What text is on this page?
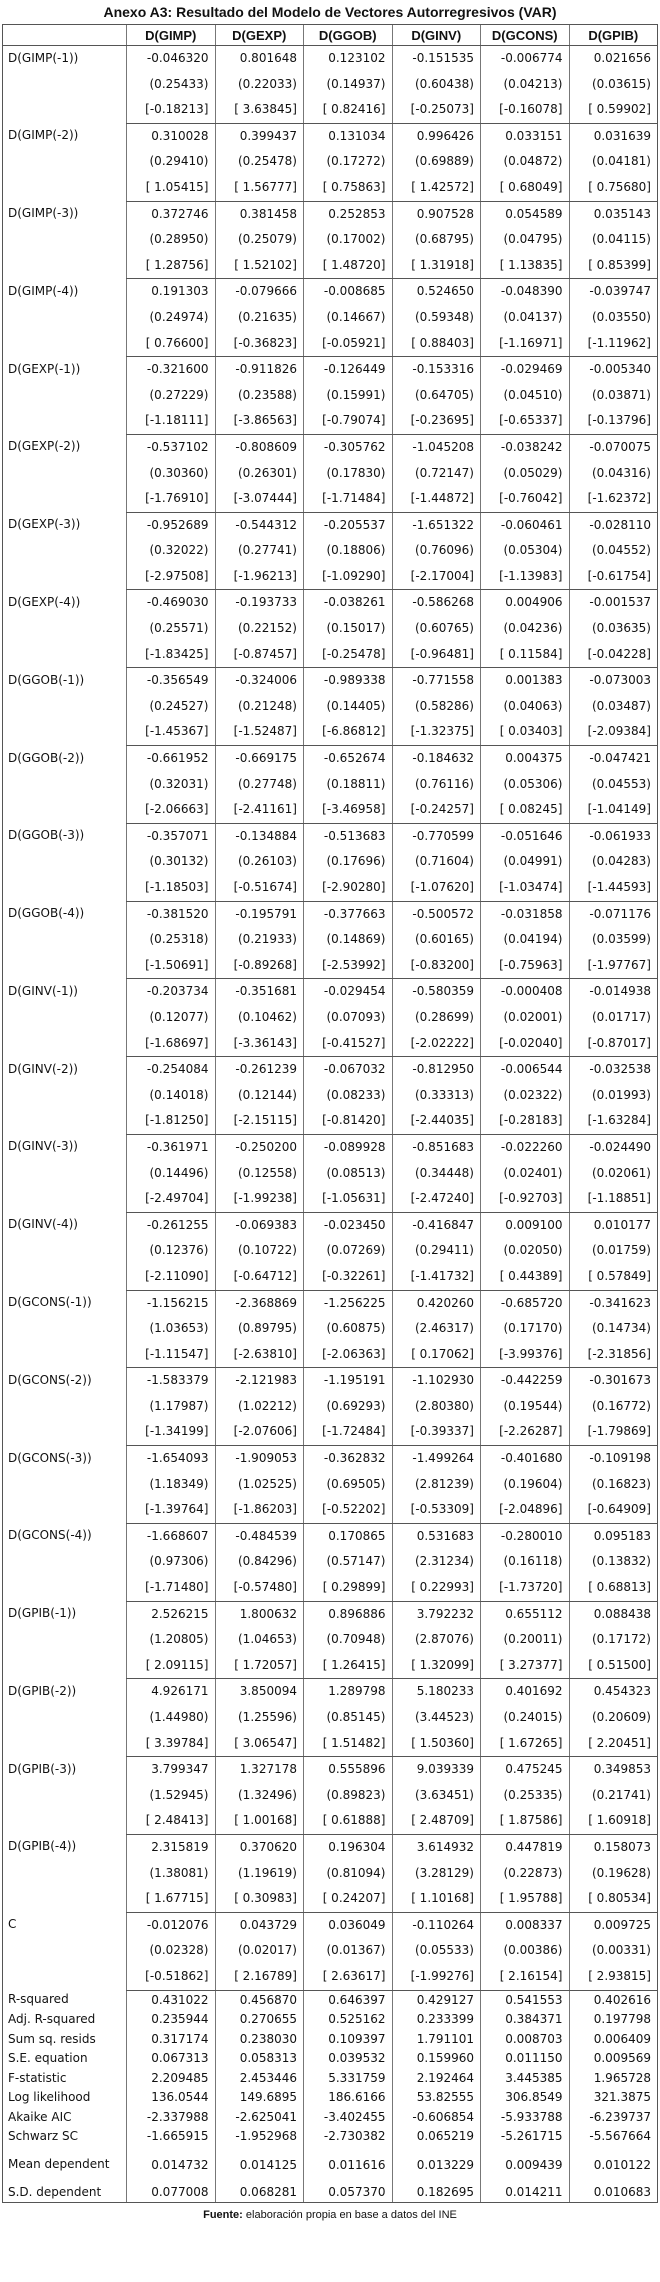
Anexo A3: Resultado del Modelo de Vectores Autorregresivos (VAR)
	D(GIMP)	D(GEXP)	D(GGOB)	D(GINV)	D(GCONS)	D(GPIB)
D(GIMP(-1))	-0.046320	0.801648	0.123102	-0.151535	-0.006774	0.021656
	(0.25433)	(0.22033)	(0.14937)	(0.60438)	(0.04213)	(0.03615)
	[-0.18213]	[ 3.63845]	[ 0.82416]	[-0.25073]	[-0.16078]	[ 0.59902]
D(GIMP(-2))	0.310028	0.399437	0.131034	0.996426	0.033151	0.031639
	(0.29410)	(0.25478)	(0.17272)	(0.69889)	(0.04872)	(0.04181)
	[ 1.05415]	[ 1.56777]	[ 0.75863]	[ 1.42572]	[ 0.68049]	[ 0.75680]
D(GIMP(-3))	0.372746	0.381458	0.252853	0.907528	0.054589	0.035143
	(0.28950)	(0.25079)	(0.17002)	(0.68795)	(0.04795)	(0.04115)
	[ 1.28756]	[ 1.52102]	[ 1.48720]	[ 1.31918]	[ 1.13835]	[ 0.85399]
D(GIMP(-4))	0.191303	-0.079666	-0.008685	0.524650	-0.048390	-0.039747
	(0.24974)	(0.21635)	(0.14667)	(0.59348)	(0.04137)	(0.03550)
	[ 0.76600]	[-0.36823]	[-0.05921]	[ 0.88403]	[-1.16971]	[-1.11962]
D(GEXP(-1))	-0.321600	-0.911826	-0.126449	-0.153316	-0.029469	-0.005340
	(0.27229)	(0.23588)	(0.15991)	(0.64705)	(0.04510)	(0.03871)
	[-1.18111]	[-3.86563]	[-0.79074]	[-0.23695]	[-0.65337]	[-0.13796]
D(GEXP(-2))	-0.537102	-0.808609	-0.305762	-1.045208	-0.038242	-0.070075
	(0.30360)	(0.26301)	(0.17830)	(0.72147)	(0.05029)	(0.04316)
	[-1.76910]	[-3.07444]	[-1.71484]	[-1.44872]	[-0.76042]	[-1.62372]
D(GEXP(-3))	-0.952689	-0.544312	-0.205537	-1.651322	-0.060461	-0.028110
	(0.32022)	(0.27741)	(0.18806)	(0.76096)	(0.05304)	(0.04552)
	[-2.97508]	[-1.96213]	[-1.09290]	[-2.17004]	[-1.13983]	[-0.61754]
D(GEXP(-4))	-0.469030	-0.193733	-0.038261	-0.586268	0.004906	-0.001537
	(0.25571)	(0.22152)	(0.15017)	(0.60765)	(0.04236)	(0.03635)
	[-1.83425]	[-0.87457]	[-0.25478]	[-0.96481]	[ 0.11584]	[-0.04228]
D(GGOB(-1))	-0.356549	-0.324006	-0.989338	-0.771558	0.001383	-0.073003
	(0.24527)	(0.21248)	(0.14405)	(0.58286)	(0.04063)	(0.03487)
	[-1.45367]	[-1.52487]	[-6.86812]	[-1.32375]	[ 0.03403]	[-2.09384]
D(GGOB(-2))	-0.661952	-0.669175	-0.652674	-0.184632	0.004375	-0.047421
	(0.32031)	(0.27748)	(0.18811)	(0.76116)	(0.05306)	(0.04553)
	[-2.06663]	[-2.41161]	[-3.46958]	[-0.24257]	[ 0.08245]	[-1.04149]
D(GGOB(-3))	-0.357071	-0.134884	-0.513683	-0.770599	-0.051646	-0.061933
	(0.30132)	(0.26103)	(0.17696)	(0.71604)	(0.04991)	(0.04283)
	[-1.18503]	[-0.51674]	[-2.90280]	[-1.07620]	[-1.03474]	[-1.44593]
D(GGOB(-4))	-0.381520	-0.195791	-0.377663	-0.500572	-0.031858	-0.071176
	(0.25318)	(0.21933)	(0.14869)	(0.60165)	(0.04194)	(0.03599)
	[-1.50691]	[-0.89268]	[-2.53992]	[-0.83200]	[-0.75963]	[-1.97767]
D(GINV(-1))	-0.203734	-0.351681	-0.029454	-0.580359	-0.000408	-0.014938
	(0.12077)	(0.10462)	(0.07093)	(0.28699)	(0.02001)	(0.01717)
	[-1.68697]	[-3.36143]	[-0.41527]	[-2.02222]	[-0.02040]	[-0.87017]
D(GINV(-2))	-0.254084	-0.261239	-0.067032	-0.812950	-0.006544	-0.032538
	(0.14018)	(0.12144)	(0.08233)	(0.33313)	(0.02322)	(0.01993)
	[-1.81250]	[-2.15115]	[-0.81420]	[-2.44035]	[-0.28183]	[-1.63284]
D(GINV(-3))	-0.361971	-0.250200	-0.089928	-0.851683	-0.022260	-0.024490
	(0.14496)	(0.12558)	(0.08513)	(0.34448)	(0.02401)	(0.02061)
	[-2.49704]	[-1.99238]	[-1.05631]	[-2.47240]	[-0.92703]	[-1.18851]
D(GINV(-4))	-0.261255	-0.069383	-0.023450	-0.416847	0.009100	0.010177
	(0.12376)	(0.10722)	(0.07269)	(0.29411)	(0.02050)	(0.01759)
	[-2.11090]	[-0.64712]	[-0.32261]	[-1.41732]	[ 0.44389]	[ 0.57849]
D(GCONS(-1))	-1.156215	-2.368869	-1.256225	0.420260	-0.685720	-0.341623
	(1.03653)	(0.89795)	(0.60875)	(2.46317)	(0.17170)	(0.14734)
	[-1.11547]	[-2.63810]	[-2.06363]	[ 0.17062]	[-3.99376]	[-2.31856]
D(GCONS(-2))	-1.583379	-2.121983	-1.195191	-1.102930	-0.442259	-0.301673
	(1.17987)	(1.02212)	(0.69293)	(2.80380)	(0.19544)	(0.16772)
	[-1.34199]	[-2.07606]	[-1.72484]	[-0.39337]	[-2.26287]	[-1.79869]
D(GCONS(-3))	-1.654093	-1.909053	-0.362832	-1.499264	-0.401680	-0.109198
	(1.18349)	(1.02525)	(0.69505)	(2.81239)	(0.19604)	(0.16823)
	[-1.39764]	[-1.86203]	[-0.52202]	[-0.53309]	[-2.04896]	[-0.64909]
D(GCONS(-4))	-1.668607	-0.484539	0.170865	0.531683	-0.280010	0.095183
	(0.97306)	(0.84296)	(0.57147)	(2.31234)	(0.16118)	(0.13832)
	[-1.71480]	[-0.57480]	[ 0.29899]	[ 0.22993]	[-1.73720]	[ 0.68813]
D(GPIB(-1))	2.526215	1.800632	0.896886	3.792232	0.655112	0.088438
	(1.20805)	(1.04653)	(0.70948)	(2.87076)	(0.20011)	(0.17172)
	[ 2.09115]	[ 1.72057]	[ 1.26415]	[ 1.32099]	[ 3.27377]	[ 0.51500]
D(GPIB(-2))	4.926171	3.850094	1.289798	5.180233	0.401692	0.454323
	(1.44980)	(1.25596)	(0.85145)	(3.44523)	(0.24015)	(0.20609)
	[ 3.39784]	[ 3.06547]	[ 1.51482]	[ 1.50360]	[ 1.67265]	[ 2.20451]
D(GPIB(-3))	3.799347	1.327178	0.555896	9.039339	0.475245	0.349853
	(1.52945)	(1.32496)	(0.89823)	(3.63451)	(0.25335)	(0.21741)
	[ 2.48413]	[ 1.00168]	[ 0.61888]	[ 2.48709]	[ 1.87586]	[ 1.60918]
D(GPIB(-4))	2.315819	0.370620	0.196304	3.614932	0.447819	0.158073
	(1.38081)	(1.19619)	(0.81094)	(3.28129)	(0.22873)	(0.19628)
	[ 1.67715]	[ 0.30983]	[ 0.24207]	[ 1.10168]	[ 1.95788]	[ 0.80534]
C	-0.012076	0.043729	0.036049	-0.110264	0.008337	0.009725
	(0.02328)	(0.02017)	(0.01367)	(0.05533)	(0.00386)	(0.00331)
	[-0.51862]	[ 2.16789]	[ 2.63617]	[-1.99276]	[ 2.16154]	[ 2.93815]
R-squared	0.431022	0.456870	0.646397	0.429127	0.541553	0.402616
Adj. R-squared	0.235944	0.270655	0.525162	0.233399	0.384371	0.197798
Sum sq. resids	0.317174	0.238030	0.109397	1.791101	0.008703	0.006409
S.E. equation	0.067313	0.058313	0.039532	0.159960	0.011150	0.009569
F-statistic	2.209485	2.453446	5.331759	2.192464	3.445385	1.965728
Log likelihood	136.0544	149.6895	186.6166	53.82555	306.8549	321.3875
Akaike AIC	-2.337988	-2.625041	-3.402455	-0.606854	-5.933788	-6.239737
Schwarz SC	-1.665915	-1.952968	-2.730382	0.065219	-5.261715	-5.567664
Mean dependent	0.014732	0.014125	0.011616	0.013229	0.009439	0.010122
S.D. dependent	0.077008	0.068281	0.057370	0.182695	0.014211	0.010683
Fuente: elaboración propia en base a datos del INE
